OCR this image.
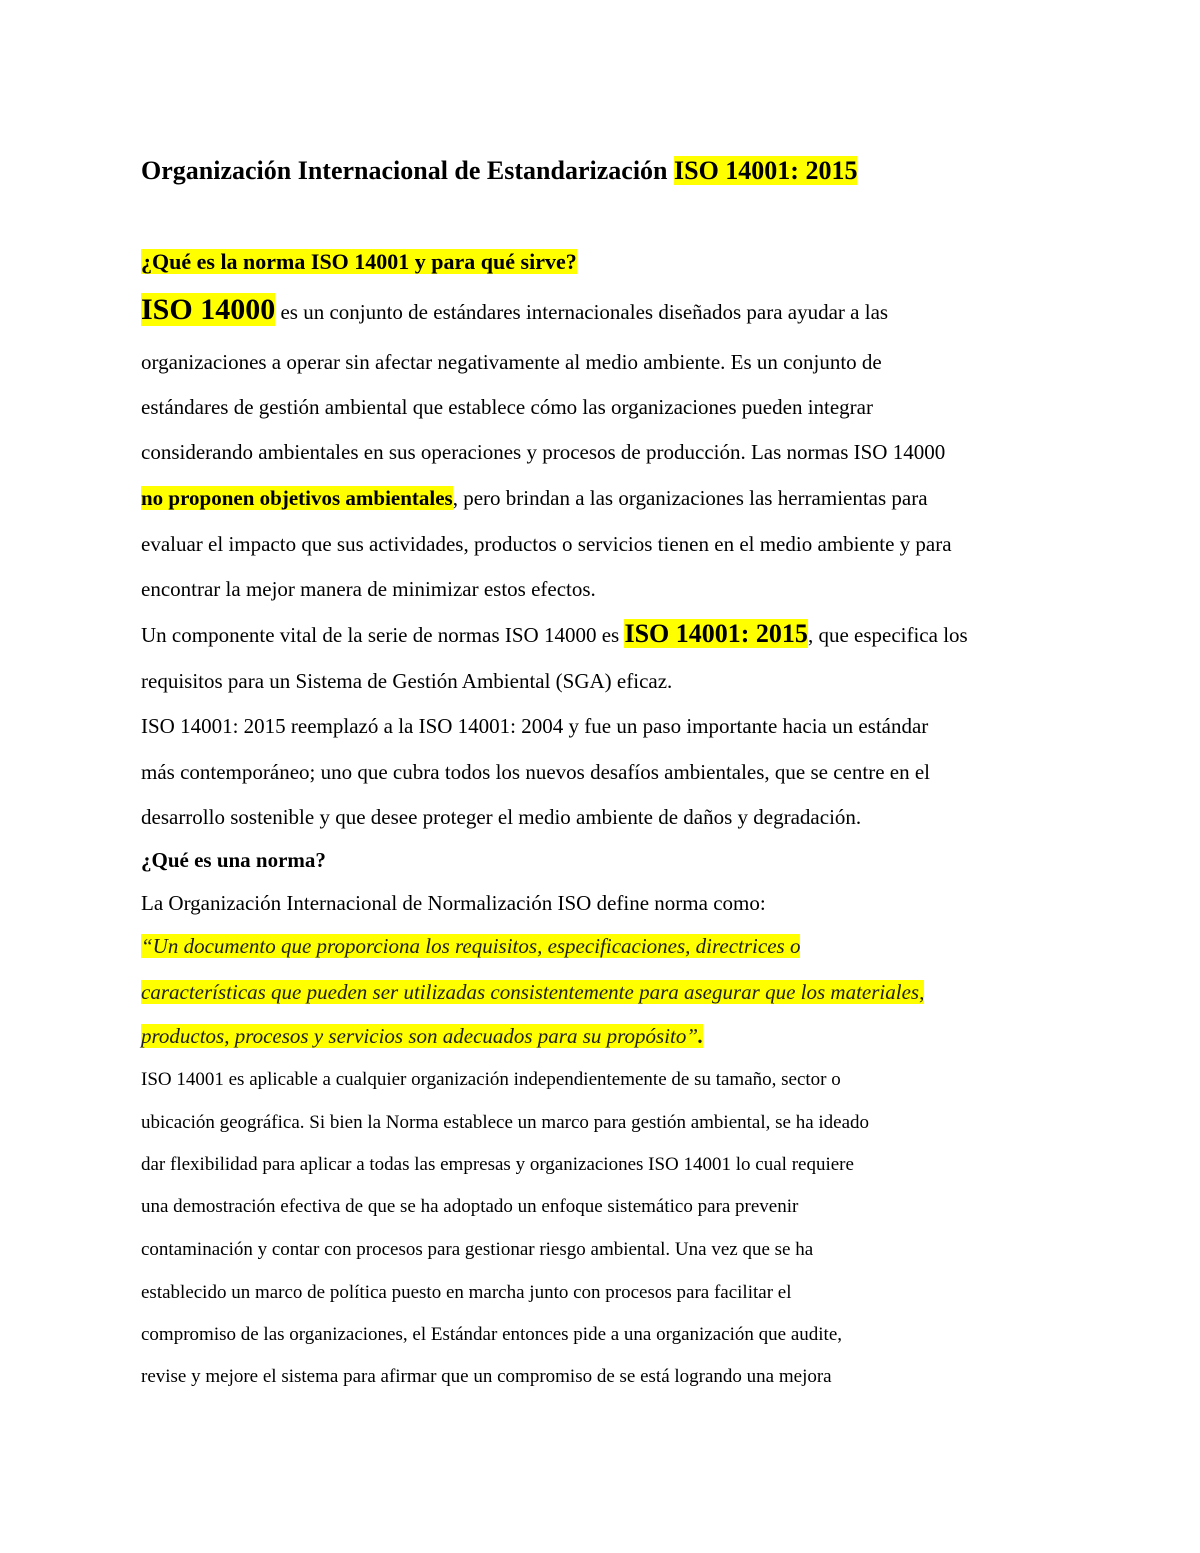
Organización Internacional de Estandarización ISO 14001: 2015
¿Qué es la norma ISO 14001 y para qué sirve?
ISO 14000 es un conjunto de estándares internacionales diseñados para ayudar a las
organizaciones a operar sin afectar negativamente al medio ambiente. Es un conjunto de
estándares de gestión ambiental que establece cómo las organizaciones pueden integrar
considerando ambientales en sus operaciones y procesos de producción. Las normas ISO 14000
no proponen objetivos ambientales, pero brindan a las organizaciones las herramientas para
evaluar el impacto que sus actividades, productos o servicios tienen en el medio ambiente y para
encontrar la mejor manera de minimizar estos efectos.
Un componente vital de la serie de normas ISO 14000 es ISO 14001: 2015, que especifica los
requisitos para un Sistema de Gestión Ambiental (SGA) eficaz.
ISO 14001: 2015 reemplazó a la ISO 14001: 2004 y fue un paso importante hacia un estándar
más contemporáneo; uno que cubra todos los nuevos desafíos ambientales, que se centre en el
desarrollo sostenible y que desee proteger el medio ambiente de daños y degradación.
¿Qué es una norma?
La Organización Internacional de Normalización ISO define norma como:
“Un documento que proporciona los requisitos, especificaciones, directrices o
características que pueden ser utilizadas consistentemente para asegurar que los materiales,
productos, procesos y servicios son adecuados para su propósito”.
ISO 14001 es aplicable a cualquier organización independientemente de su tamaño, sector o
ubicación geográfica. Si bien la Norma establece un marco para gestión ambiental, se ha ideado
dar flexibilidad para aplicar a todas las empresas y organizaciones ISO 14001 lo cual requiere
una demostración efectiva de que se ha adoptado un enfoque sistemático para prevenir
contaminación y contar con procesos para gestionar riesgo ambiental. Una vez que se ha
establecido un marco de política puesto en marcha junto con procesos para facilitar el
compromiso de las organizaciones, el Estándar entonces pide a una organización que audite,
revise y mejore el sistema para afirmar que un compromiso de se está logrando una mejora
